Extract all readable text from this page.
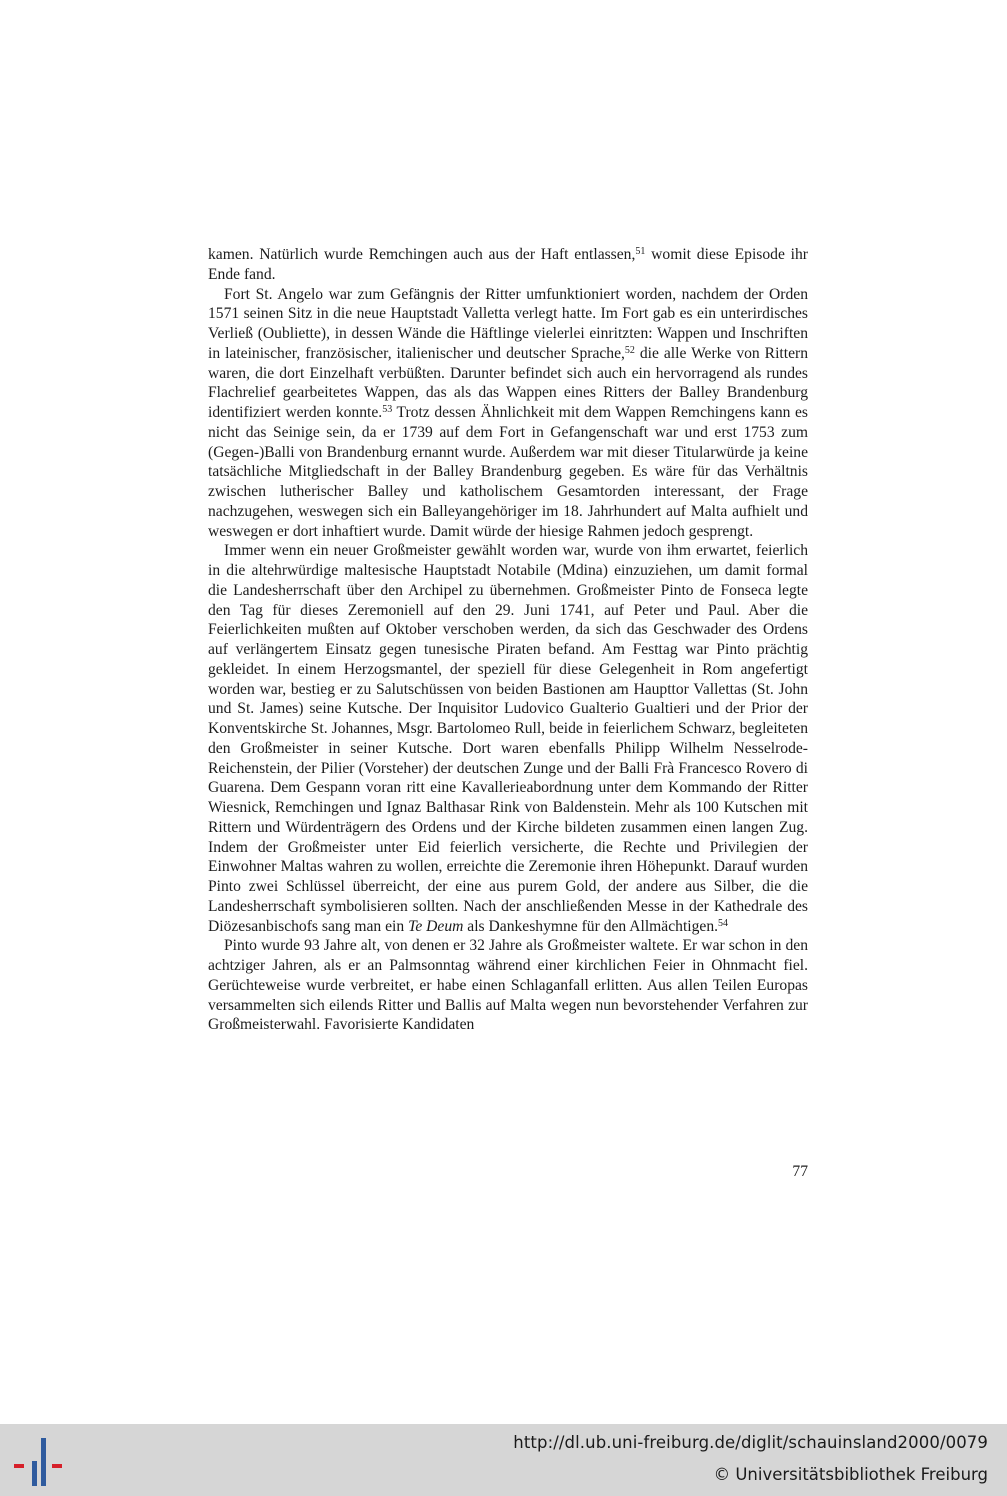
kamen. Natürlich wurde Remchingen auch aus der Haft entlassen,$^{51}$ womit diese Episode ihr Ende fand.

Fort St. Angelo war zum Gefängnis der Ritter umfunktioniert worden, nachdem der Orden 1571 seinen Sitz in die neue Hauptstadt Valletta verlegt hatte. Im Fort gab es ein unterirdisches Verließ (Oubliette), in dessen Wände die Häftlinge vielerlei einritzten: Wappen und Inschriften in lateinischer, französischer, italienischer und deutscher Sprache,$^{52}$ die alle Werke von Rittern waren, die dort Einzelhaft verbüßten. Darunter befindet sich auch ein hervorragend als rundes Flachrelief gearbeitetes Wappen, das als das Wappen eines Ritters der Balley Brandenburg identifiziert werden konnte.$^{53}$ Trotz dessen Ähnlichkeit mit dem Wappen Remchingens kann es nicht das Seinige sein, da er 1739 auf dem Fort in Gefangenschaft war und erst 1753 zum (Gegen-)Balli von Brandenburg ernannt wurde. Außerdem war mit dieser Titularwürde ja keine tatsächliche Mitgliedschaft in der Balley Brandenburg gegeben. Es wäre für das Verhältnis zwischen lutherischer Balley und katholischem Gesamtorden interessant, der Frage nachzugehen, weswegen sich ein Balleyangehöriger im 18. Jahrhundert auf Malta aufhielt und weswegen er dort inhaftiert wurde. Damit würde der hiesige Rahmen jedoch gesprengt.

Immer wenn ein neuer Großmeister gewählt worden war, wurde von ihm erwartet, feierlich in die altehrwürdige maltesische Hauptstadt Notabile (Mdina) einzuziehen, um damit formal die Landesherrschaft über den Archipel zu übernehmen. Großmeister Pinto de Fonseca legte den Tag für dieses Zeremoniell auf den 29. Juni 1741, auf Peter und Paul. Aber die Feierlichkeiten mußten auf Oktober verschoben werden, da sich das Geschwader des Ordens auf verlängertem Einsatz gegen tunesische Piraten befand. Am Festtag war Pinto prächtig gekleidet. In einem Herzogsmantel, der speziell für diese Gelegenheit in Rom angefertigt worden war, bestieg er zu Salutschüssen von beiden Bastionen am Haupttor Vallettas (St. John und St. James) seine Kutsche. Der Inquisitor Ludovico Gualterio Gualtieri und der Prior der Konventskirche St. Johannes, Msgr. Bartolomeo Rull, beide in feierlichem Schwarz, begleiteten den Großmeister in seiner Kutsche. Dort waren ebenfalls Philipp Wilhelm Nesselrode-Reichenstein, der Pilier (Vorsteher) der deutschen Zunge und der Balli Frà Francesco Rovero di Guarena. Dem Gespann voran ritt eine Kavallerieabordnung unter dem Kommando der Ritter Wiesnick, Remchingen und Ignaz Balthasar Rink von Baldenstein. Mehr als 100 Kutschen mit Rittern und Würdenträgern des Ordens und der Kirche bildeten zusammen einen langen Zug. Indem der Großmeister unter Eid feierlich versicherte, die Rechte und Privilegien der Einwohner Maltas wahren zu wollen, erreichte die Zeremonie ihren Höhepunkt. Darauf wurden Pinto zwei Schlüssel überreicht, der eine aus purem Gold, der andere aus Silber, die die Landesherrschaft symbolisieren sollten. Nach der anschließenden Messe in der Kathedrale des Diözesanbischofs sang man ein Te Deum als Dankeshymne für den Allmächtigen.$^{54}$

Pinto wurde 93 Jahre alt, von denen er 32 Jahre als Großmeister waltete. Er war schon in den achtziger Jahren, als er an Palmsonntag während einer kirchlichen Feier in Ohnmacht fiel. Gerüchteweise wurde verbreitet, er habe einen Schlaganfall erlitten. Aus allen Teilen Europas versammelten sich eilends Ritter und Ballis auf Malta wegen nun bevorstehender Verfahren zur Großmeisterwahl. Favorisierte Kandidaten

77
http://dl.ub.uni-freiburg.de/diglit/schauinsland2000/0079
© Universitätsbibliothek Freiburg
